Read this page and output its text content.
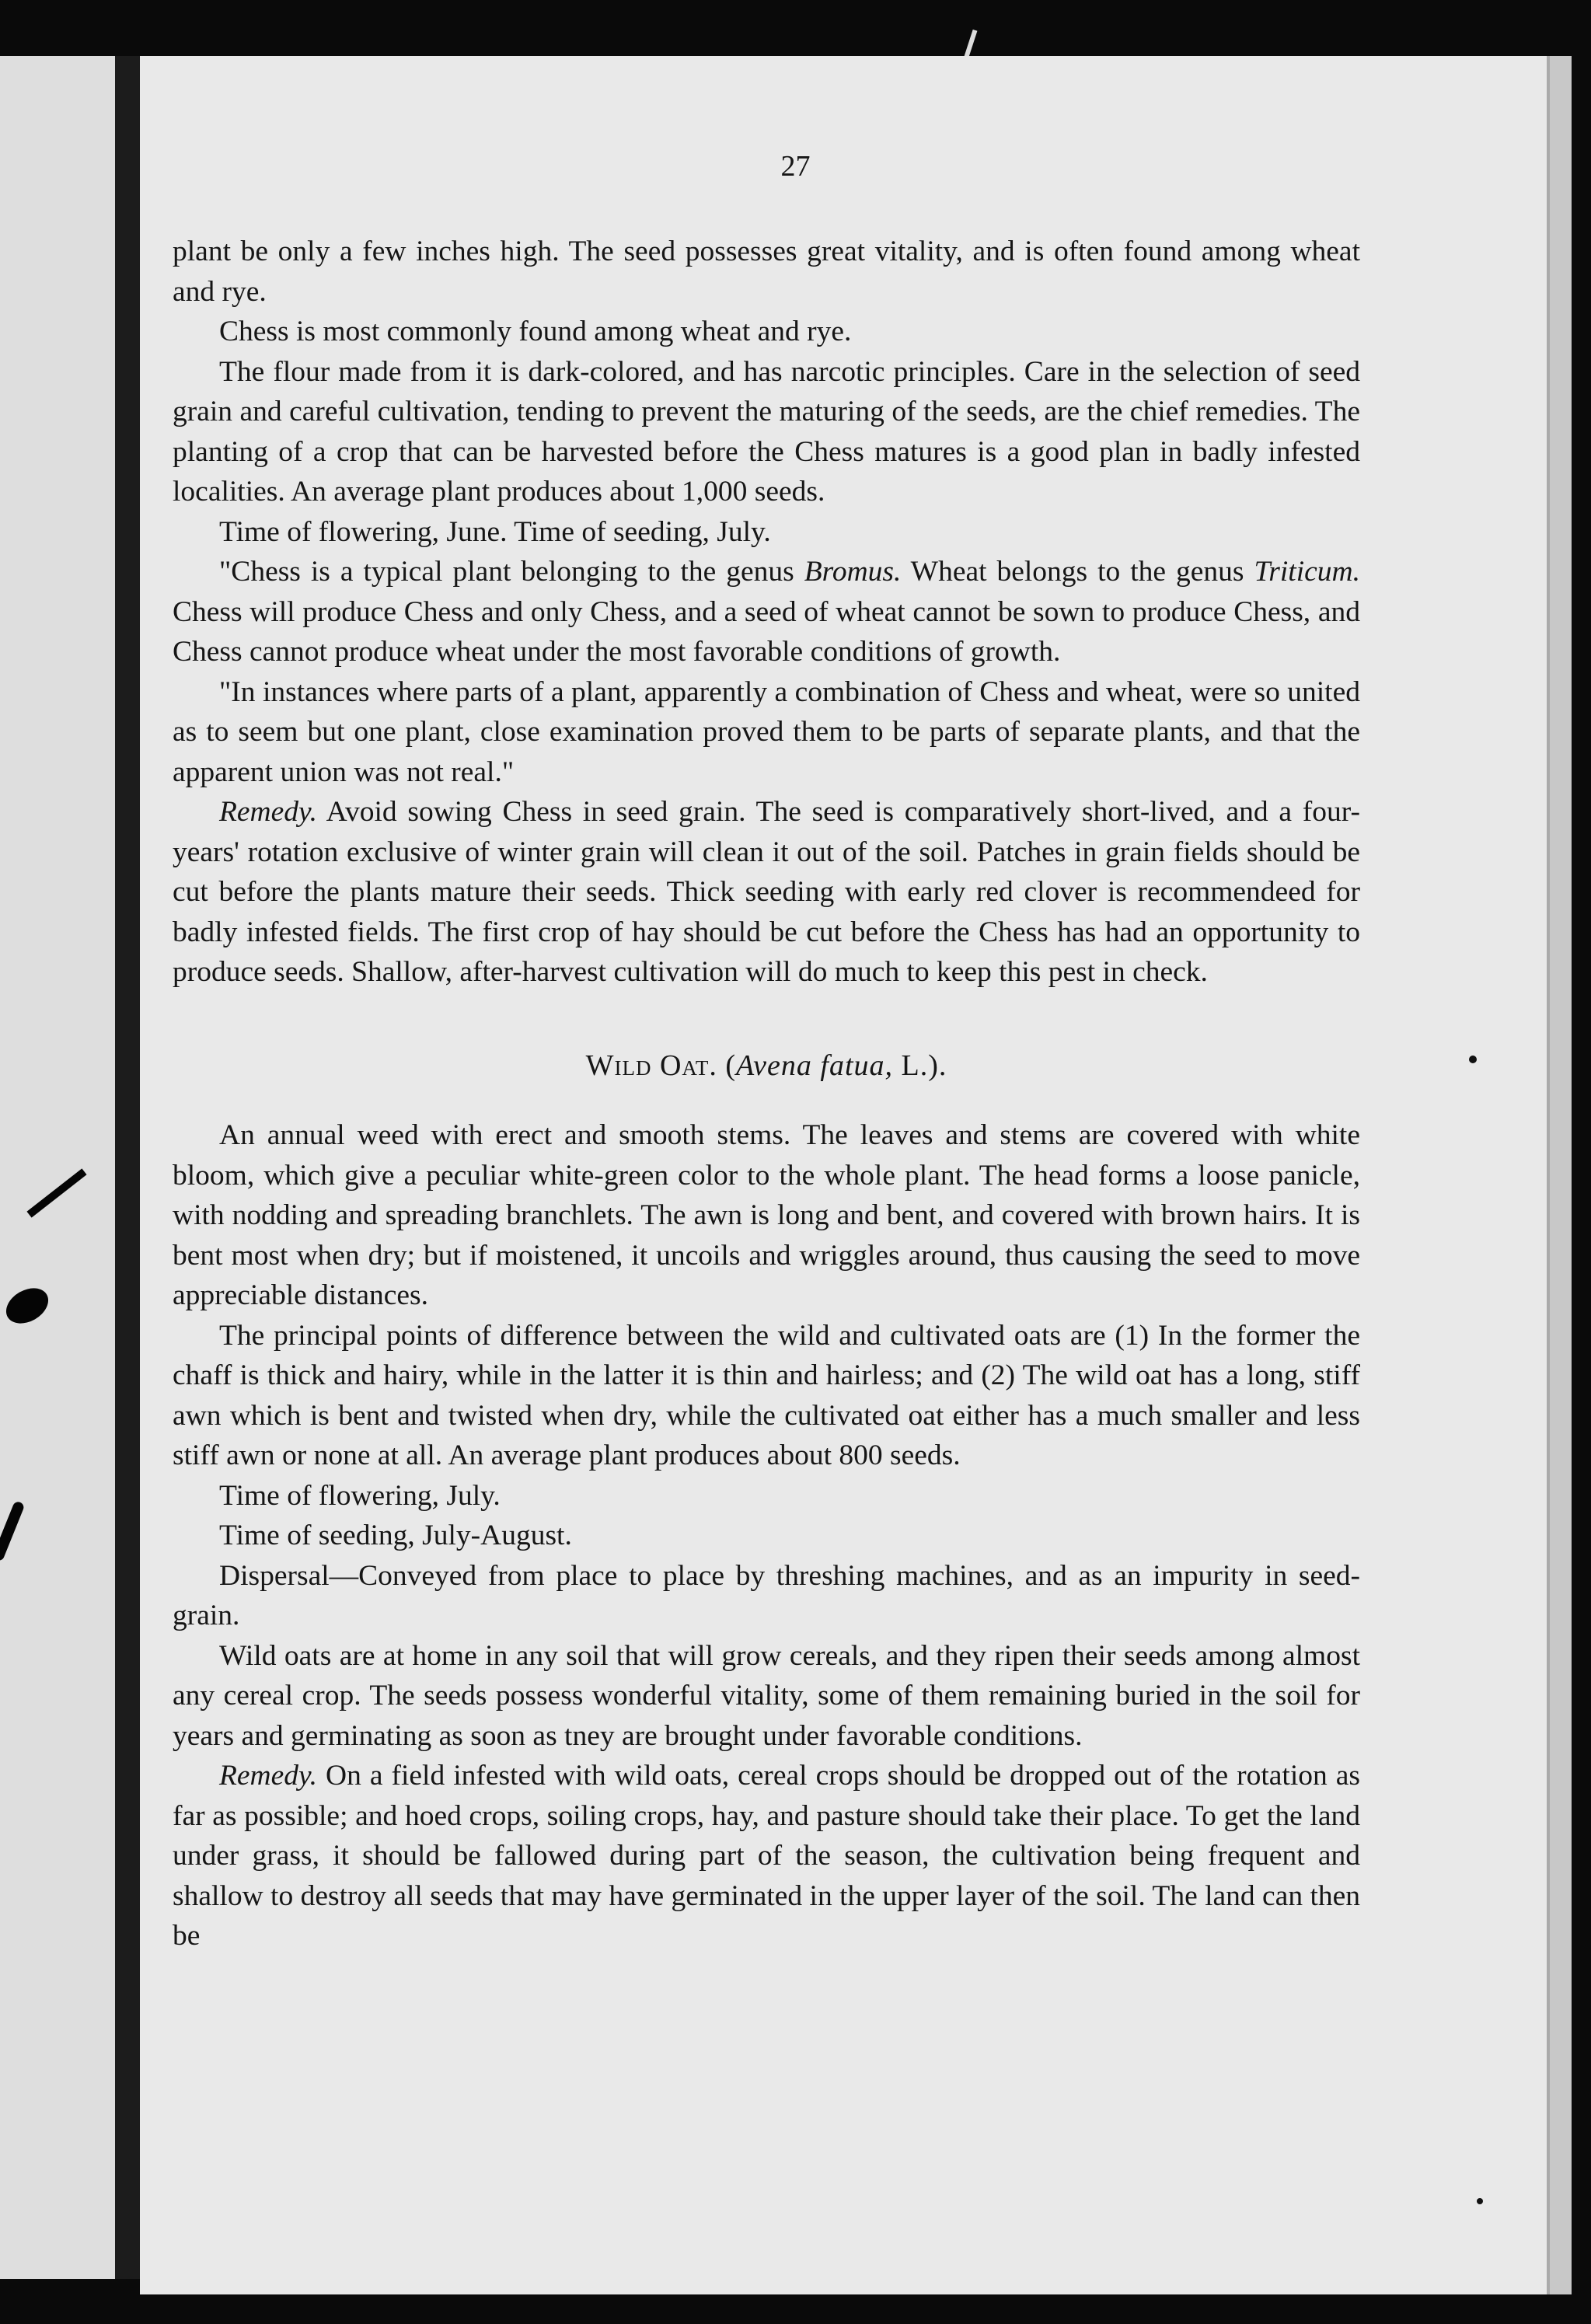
27

plant be only a few inches high. The seed possesses great vitality, and is often found among wheat and rye.

Chess is most commonly found among wheat and rye.

The flour made from it is dark-colored, and has narcotic principles. Care in the selection of seed grain and careful cultivation, tending to prevent the maturing of the seeds, are the chief remedies. The planting of a crop that can be harvested before the Chess matures is a good plan in badly infested localities. An average plant produces about 1,000 seeds.

Time of flowering, June. Time of seeding, July.

"Chess is a typical plant belonging to the genus Bromus. Wheat belongs to the genus Triticum. Chess will produce Chess and only Chess, and a seed of wheat cannot be sown to produce Chess, and Chess cannot produce wheat under the most favorable conditions of growth.

"In instances where parts of a plant, apparently a combination of Chess and wheat, were so united as to seem but one plant, close examination proved them to be parts of separate plants, and that the apparent union was not real."

Remedy. Avoid sowing Chess in seed grain. The seed is comparatively short-lived, and a four-years' rotation exclusive of winter grain will clean it out of the soil. Patches in grain fields should be cut before the plants mature their seeds. Thick seeding with early red clover is recommendeed for badly infested fields. The first crop of hay should be cut before the Chess has had an opportunity to produce seeds. Shallow, after-harvest cultivation will do much to keep this pest in check.

Wild Oat. (Avena fatua, L.).

An annual weed with erect and smooth stems. The leaves and stems are covered with white bloom, which give a peculiar white-green color to the whole plant. The head forms a loose panicle, with nodding and spreading branchlets. The awn is long and bent, and covered with brown hairs. It is bent most when dry; but if moistened, it uncoils and wriggles around, thus causing the seed to move appreciable distances.

The principal points of difference between the wild and cultivated oats are (1) In the former the chaff is thick and hairy, while in the latter it is thin and hairless; and (2) The wild oat has a long, stiff awn which is bent and twisted when dry, while the cultivated oat either has a much smaller and less stiff awn or none at all. An average plant produces about 800 seeds.

Time of flowering, July.

Time of seeding, July-August.

Dispersal—Conveyed from place to place by threshing machines, and as an impurity in seed-grain.

Wild oats are at home in any soil that will grow cereals, and they ripen their seeds among almost any cereal crop. The seeds possess wonderful vitality, some of them remaining buried in the soil for years and germinating as soon as tney are brought under favorable conditions.

Remedy. On a field infested with wild oats, cereal crops should be dropped out of the rotation as far as possible; and hoed crops, soiling crops, hay, and pasture should take their place. To get the land under grass, it should be fallowed during part of the season, the cultivation being frequent and shallow to destroy all seeds that may have germinated in the upper layer of the soil. The land can then be
